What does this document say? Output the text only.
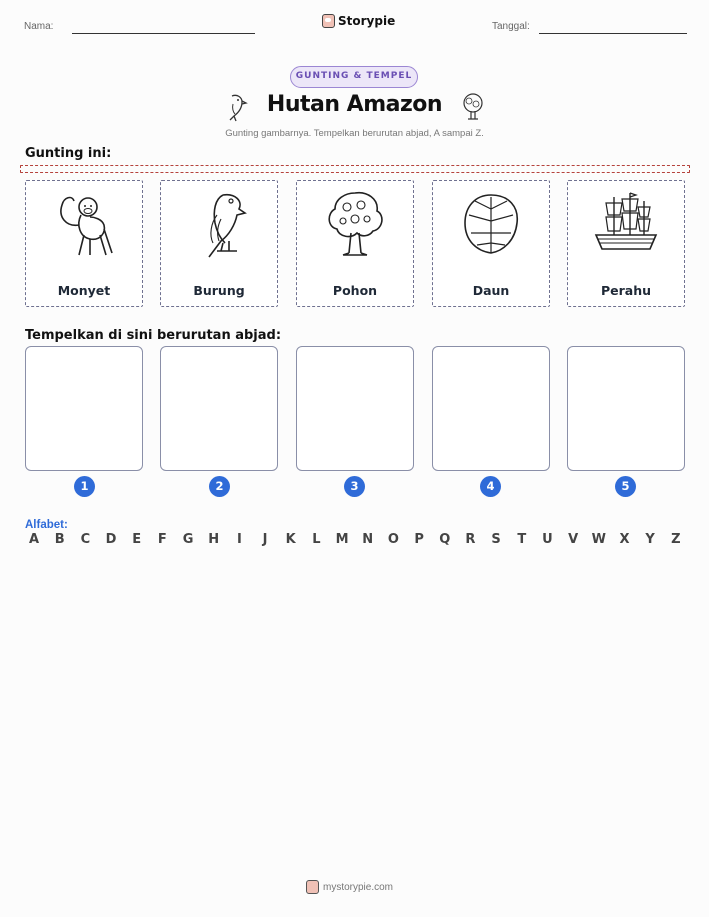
Nama:	Storypie	Tanggal:
GUNTING & TEMPEL
Hutan Amazon
Gunting gambarnya. Tempelkan berurutan abjad, A sampai Z.
Gunting ini:
Monyet	Burung	Pohon	Daun	Perahu
Tempelkan di sini berurutan abjad:
1	2	3	4	5
Alfabet:
A	B	C	D	E	F	G H	I	J	K	L	M N O	P	Q	R	S	T	U	V	W	X	Y	Z
mystorypie.com
